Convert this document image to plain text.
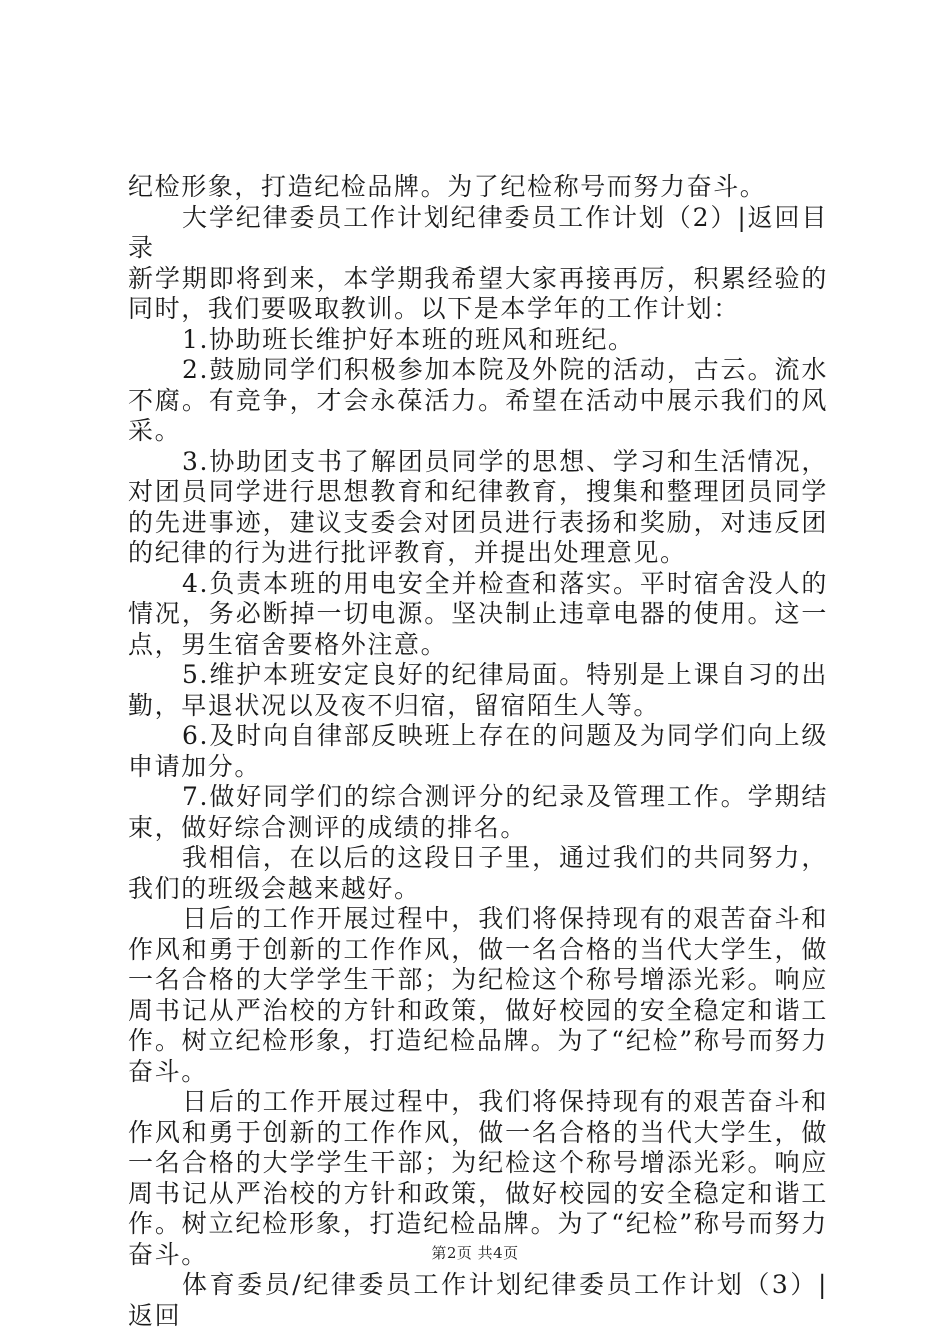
纪检形象，打造纪检品牌。为了纪检称号而努力奋斗。

大学纪律委员工作计划纪律委员工作计划（2）|返回目录

新学期即将到来，本学期我希望大家再接再厉，积累经验的同时，我们要吸取教训。以下是本学年的工作计划：

1.协助班长维护好本班的班风和班纪。

2.鼓励同学们积极参加本院及外院的活动，古云。流水不腐。有竞争，才会永葆活力。希望在活动中展示我们的风采。

3.协助团支书了解团员同学的思想、学习和生活情况，对团员同学进行思想教育和纪律教育，搜集和整理团员同学的先进事迹，建议支委会对团员进行表扬和奖励，对违反团的纪律的行为进行批评教育，并提出处理意见。

4.负责本班的用电安全并检查和落实。平时宿舍没人的情况，务必断掉一切电源。坚决制止违章电器的使用。这一点，男生宿舍要格外注意。

5.维护本班安定良好的纪律局面。特别是上课自习的出勤，早退状况以及夜不归宿，留宿陌生人等。

6.及时向自律部反映班上存在的问题及为同学们向上级申请加分。

7.做好同学们的综合测评分的纪录及管理工作。学期结束，做好综合测评的成绩的排名。

我相信，在以后的这段日子里，通过我们的共同努力，我们的班级会越来越好。

日后的工作开展过程中，我们将保持现有的艰苦奋斗和作风和勇于创新的工作作风，做一名合格的当代大学生，做一名合格的大学学生干部；为纪检这个称号增添光彩。响应周书记从严治校的方针和政策，做好校园的安全稳定和谐工作。树立纪检形象，打造纪检品牌。为了“纪检”称号而努力奋斗。

日后的工作开展过程中，我们将保持现有的艰苦奋斗和作风和勇于创新的工作作风，做一名合格的当代大学生，做一名合格的大学学生干部；为纪检这个称号增添光彩。响应周书记从严治校的方针和政策，做好校园的安全稳定和谐工作。树立纪检形象，打造纪检品牌。为了“纪检”称号而努力奋斗。

体育委员/纪律委员工作计划纪律委员工作计划（3）|返回

第2页 共4页
